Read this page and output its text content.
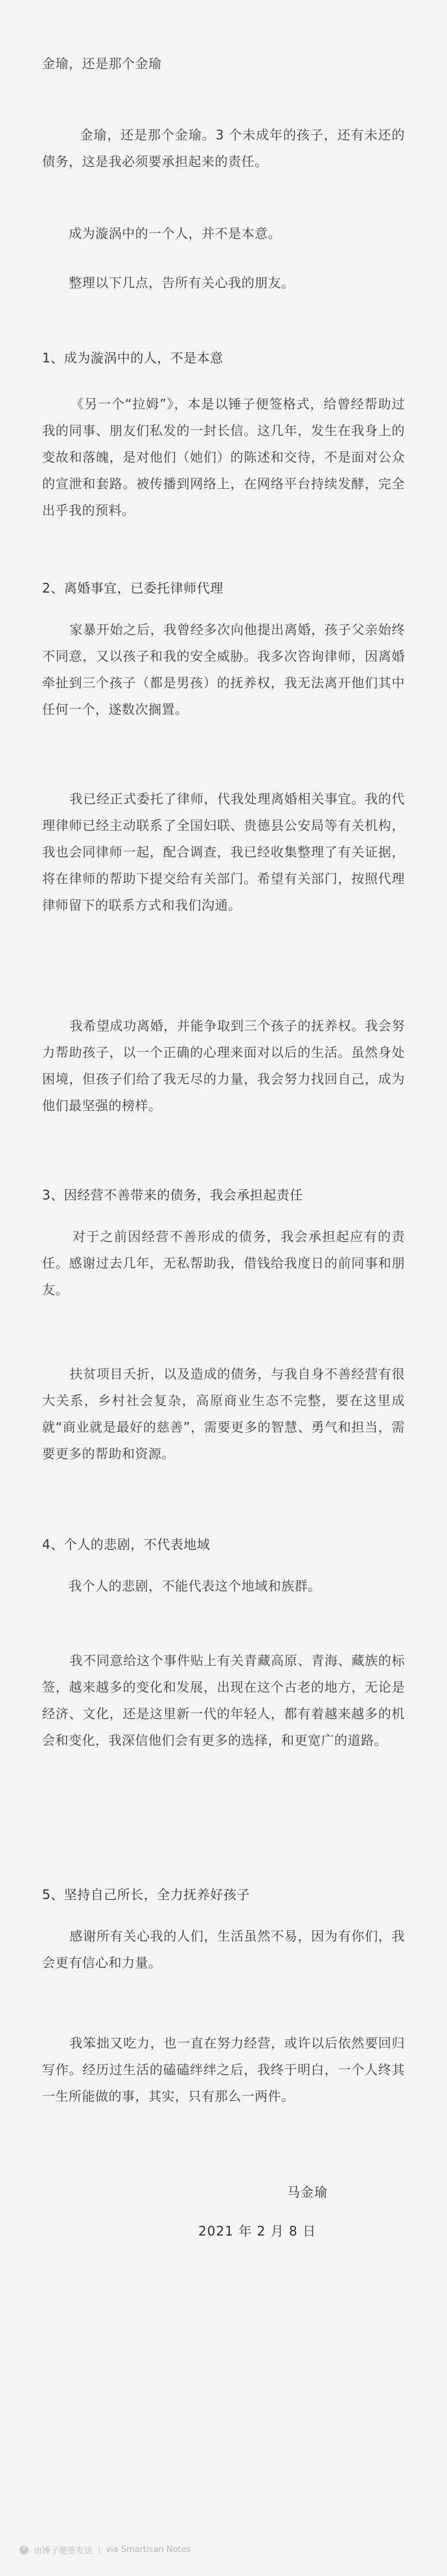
金瑜，还是那个金瑜

金瑜，还是那个金瑜。3 个未成年的孩子，还有未还的债务，这是我必须要承担起来的责任。

成为漩涡中的一个人，并不是本意。

整理以下几点，告所有关心我的朋友。

1、成为漩涡中的人，不是本意

《另一个“拉姆”》，本是以锤子便签格式，给曾经帮助过我的同事、朋友们私发的一封长信。这几年，发生在我身上的变故和落魄，是对他们（她们）的陈述和交待，不是面对公众的宣泄和套路。被传播到网络上，在网络平台持续发酵，完全出乎我的预料。

2、离婚事宜，已委托律师代理

家暴开始之后，我曾经多次向他提出离婚，孩子父亲始终不同意，又以孩子和我的安全威胁。我多次咨询律师，因离婚牵扯到三个孩子（都是男孩）的抚养权，我无法离开他们其中任何一个，遂数次搁置。

我已经正式委托了律师，代我处理离婚相关事宜。我的代理律师已经主动联系了全国妇联、贵德县公安局等有关机构，我也会同律师一起，配合调查，我已经收集整理了有关证据，将在律师的帮助下提交给有关部门。希望有关部门，按照代理律师留下的联系方式和我们沟通。

我希望成功离婚，并能争取到三个孩子的抚养权。我会努力帮助孩子，以一个正确的心理来面对以后的生活。虽然身处困境，但孩子们给了我无尽的力量，我会努力找回自己，成为他们最坚强的榜样。

3、因经营不善带来的债务，我会承担起责任

对于之前因经营不善形成的债务，我会承担起应有的责任。感谢过去几年，无私帮助我，借钱给我度日的前同事和朋友。

扶贫项目夭折，以及造成的债务，与我自身不善经营有很大关系，乡村社会复杂，高原商业生态不完整，要在这里成就“商业就是最好的慈善”，需要更多的智慧、勇气和担当，需要更多的帮助和资源。

4、个人的悲剧，不代表地域

我个人的悲剧，不能代表这个地域和族群。

我不同意给这个事件贴上有关青藏高原、青海、藏族的标签，越来越多的变化和发展，出现在这个古老的地方，无论是经济、文化，还是这里新一代的年轻人，都有着越来越多的机会和变化，我深信他们会有更多的选择，和更宽广的道路。

5、坚持自己所长，全力抚养好孩子

感谢所有关心我的人们，生活虽然不易，因为有你们，我会更有信心和力量。

我笨拙又吃力，也一直在努力经营，或许以后依然要回归写作。经历过生活的磕磕绊绊之后，我终于明白，一个人终其一生所能做的事，其实，只有那么一两件。

马金瑜

2021 年 2 月 8 日

T 由锤子便签发送 | via Smartisan Notes
